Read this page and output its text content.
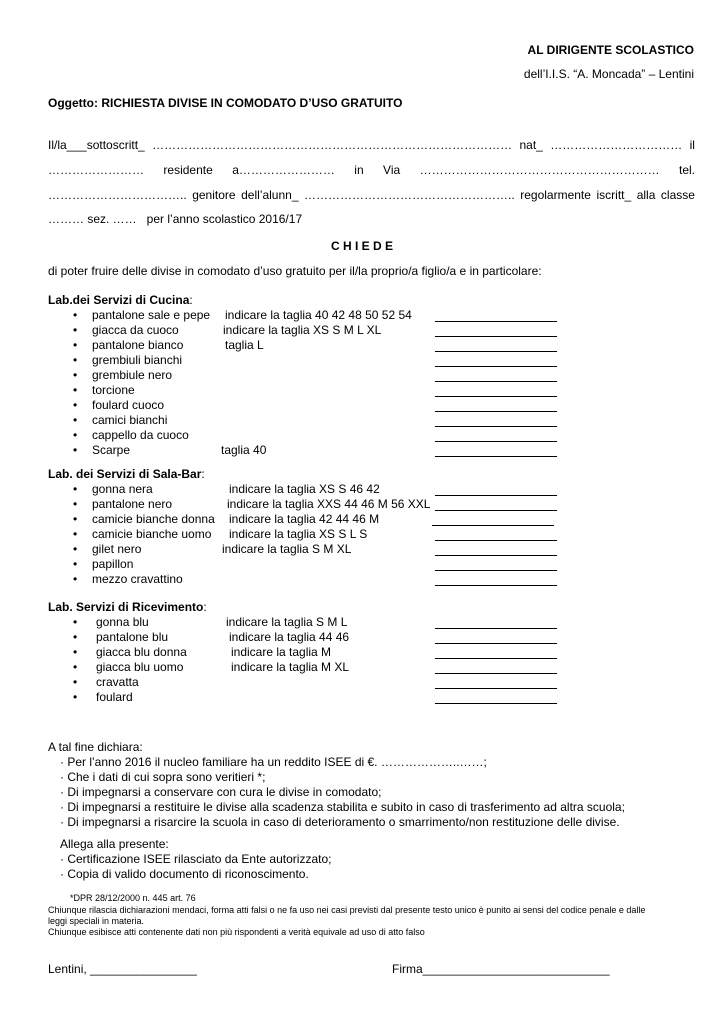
AL DIRIGENTE SCOLASTICO
dell’I.I.S. “A. Moncada” – Lentini
Oggetto: RICHIESTA DIVISE IN COMODATO D’USO GRATUITO
Il/la___sottoscritt_ ……………………………………………………………………………… nat_ …………………………… il
…………………… residente a…………………… in Via …………………………………………………… tel.
…………………………….. genitore dell’alunn_ …………………………………………….. regolarmente iscritt_ alla classe
……… sez. ……   per l’anno scolastico 2016/17
C H I E D E
di poter fruire delle divise in comodato d’uso gratuito per il/la proprio/a figlio/a e in particolare:
Lab.dei Servizi di Cucina:
• pantalone sale e pepe indicare la taglia 40 42 48 50 52 54
• giacca da cuoco	indicare la taglia XS S M L XL
• pantalone bianco	taglia L
• grembiuli bianchi
• grembiule nero
• torcione
• foulard cuoco
• camici bianchi
• cappello da cuoco
• Scarpe	taglia 40
Lab. dei Servizi di Sala-Bar:
• gonna nera	indicare la taglia XS S 46 42
• pantalone nero	indicare la taglia XXS 44 46 M 56 XXL
• camicie bianche donna indicare la taglia 42 44 46 M
• camicie bianche uomo indicare la taglia XS S L S
• gilet nero	indicare la taglia S M XL
• papillon
• mezzo cravattino
Lab. Servizi di Ricevimento:
• gonna blu	indicare la taglia S M L
• pantalone blu	indicare la taglia 44 46
• giacca blu donna	indicare la taglia M
• giacca blu uomo	indicare la taglia M XL
• cravatta
• foulard
A tal fine dichiara:
· Per l’anno 2016 il nucleo familiare ha un reddito ISEE di €. ………………..……;
· Che i dati di cui sopra sono veritieri *;
· Di impegnarsi a conservare con cura le divise in comodato;
· Di impegnarsi a restituire le divise alla scadenza stabilita e subito in caso di trasferimento ad altra scuola;
· Di impegnarsi a risarcire la scuola in caso di deterioramento o smarrimento/non restituzione delle divise.
Allega alla presente:
· Certificazione ISEE rilasciato da Ente autorizzato;
· Copia di valido documento di riconoscimento.
*DPR 28/12/2000 n. 445 art. 76
Chiunque rilascia dichiarazioni mendaci, forma atti falsi o ne fa uso nei casi previsti dal presente testo unico è punito ai sensi del codice penale e dalle
leggi speciali in materia.
Chiunque esibisce atti contenente dati non più rispondenti a verità equivale ad uso di atto falso
Lentini, ________________	Firma____________________________
